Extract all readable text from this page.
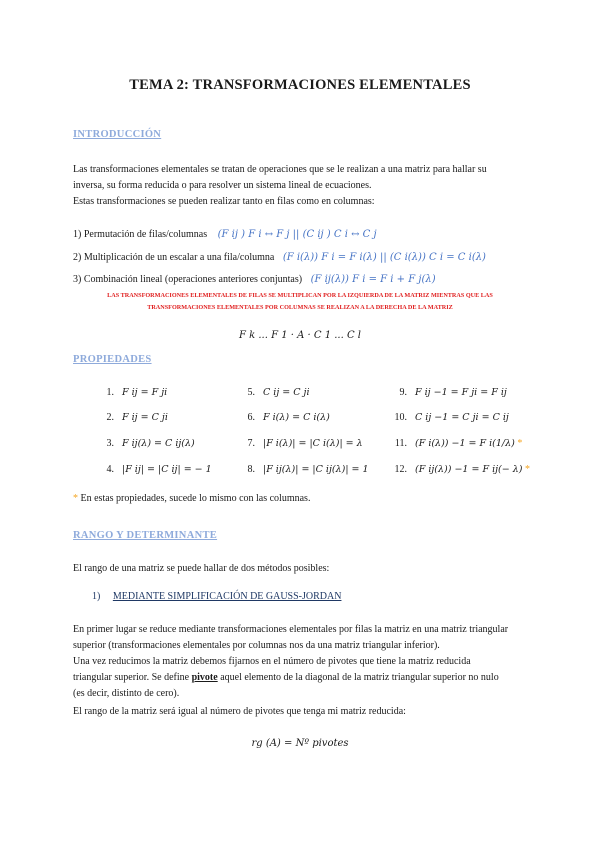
TEMA 2: TRANSFORMACIONES ELEMENTALES
INTRODUCCIÓN
Las transformaciones elementales se tratan de operaciones que se le realizan a una matriz para hallar su
inversa, su forma reducida o para resolver un sistema lineal de ecuaciones.
Estas transformaciones se pueden realizar tanto en filas como en columnas:
1) Permutación de filas/columnas (F ij ) F i ↔ F j || (C ij ) C i ↔ C j
2) Multiplicación de un escalar a una fila/columna (F i(λ)) F i = F i(λ) || (C i(λ)) C i = C i(λ)
3) Combinación lineal (operaciones anteriores conjuntas) (F ij(λ)) F i = F i + F j(λ)
LAS TRANSFORMACIONES ELEMENTALES DE FILAS SE MULTIPLICAN POR LA IZQUIERDA DE LA MATRIZ MIENTRAS QUE LAS
TRANSFORMACIONES ELEMENTALES POR COLUMNAS SE REALIZAN A LA DERECHA DE LA MATRIZ
F k ... F 1 · A · C 1 ... C l
PROPIEDADES
1. F ij = F ji	5. C ij = C ji	9. F ij −1 = F ji = F ij
2. F ij = C ji	6. F i(λ) = C i(λ)	10. C ij −1 = C ji = C ij
3. F ij(λ) = C ij(λ)	7. |F i(λ)| = |C i(λ)| = λ	11. (F i(λ)) −1 = F i(1/λ) *
4. |F ij| = |C ij| = − 1	8. |F ij(λ)| = |C ij(λ)| = 1	12. (F ij(λ)) −1 = F ij(− λ) *
* En estas propiedades, sucede lo mismo con las columnas.
RANGO Y DETERMINANTE
El rango de una matriz se puede hallar de dos métodos posibles:
1) MEDIANTE SIMPLIFICACIÓN DE GAUSS-JORDAN
En primer lugar se reduce mediante transformaciones elementales por filas la matriz en una matriz triangular
superior (transformaciones elementales por columnas nos da una matriz triangular inferior).
Una vez reducimos la matriz debemos fijarnos en el número de pivotes que tiene la matriz reducida
triangular superior. Se define pivote aquel elemento de la diagonal de la matriz triangular superior no nulo
(es decir, distinto de cero).
El rango de la matriz será igual al número de pivotes que tenga mi matriz reducida:
rg (A) = Nº pivotes
